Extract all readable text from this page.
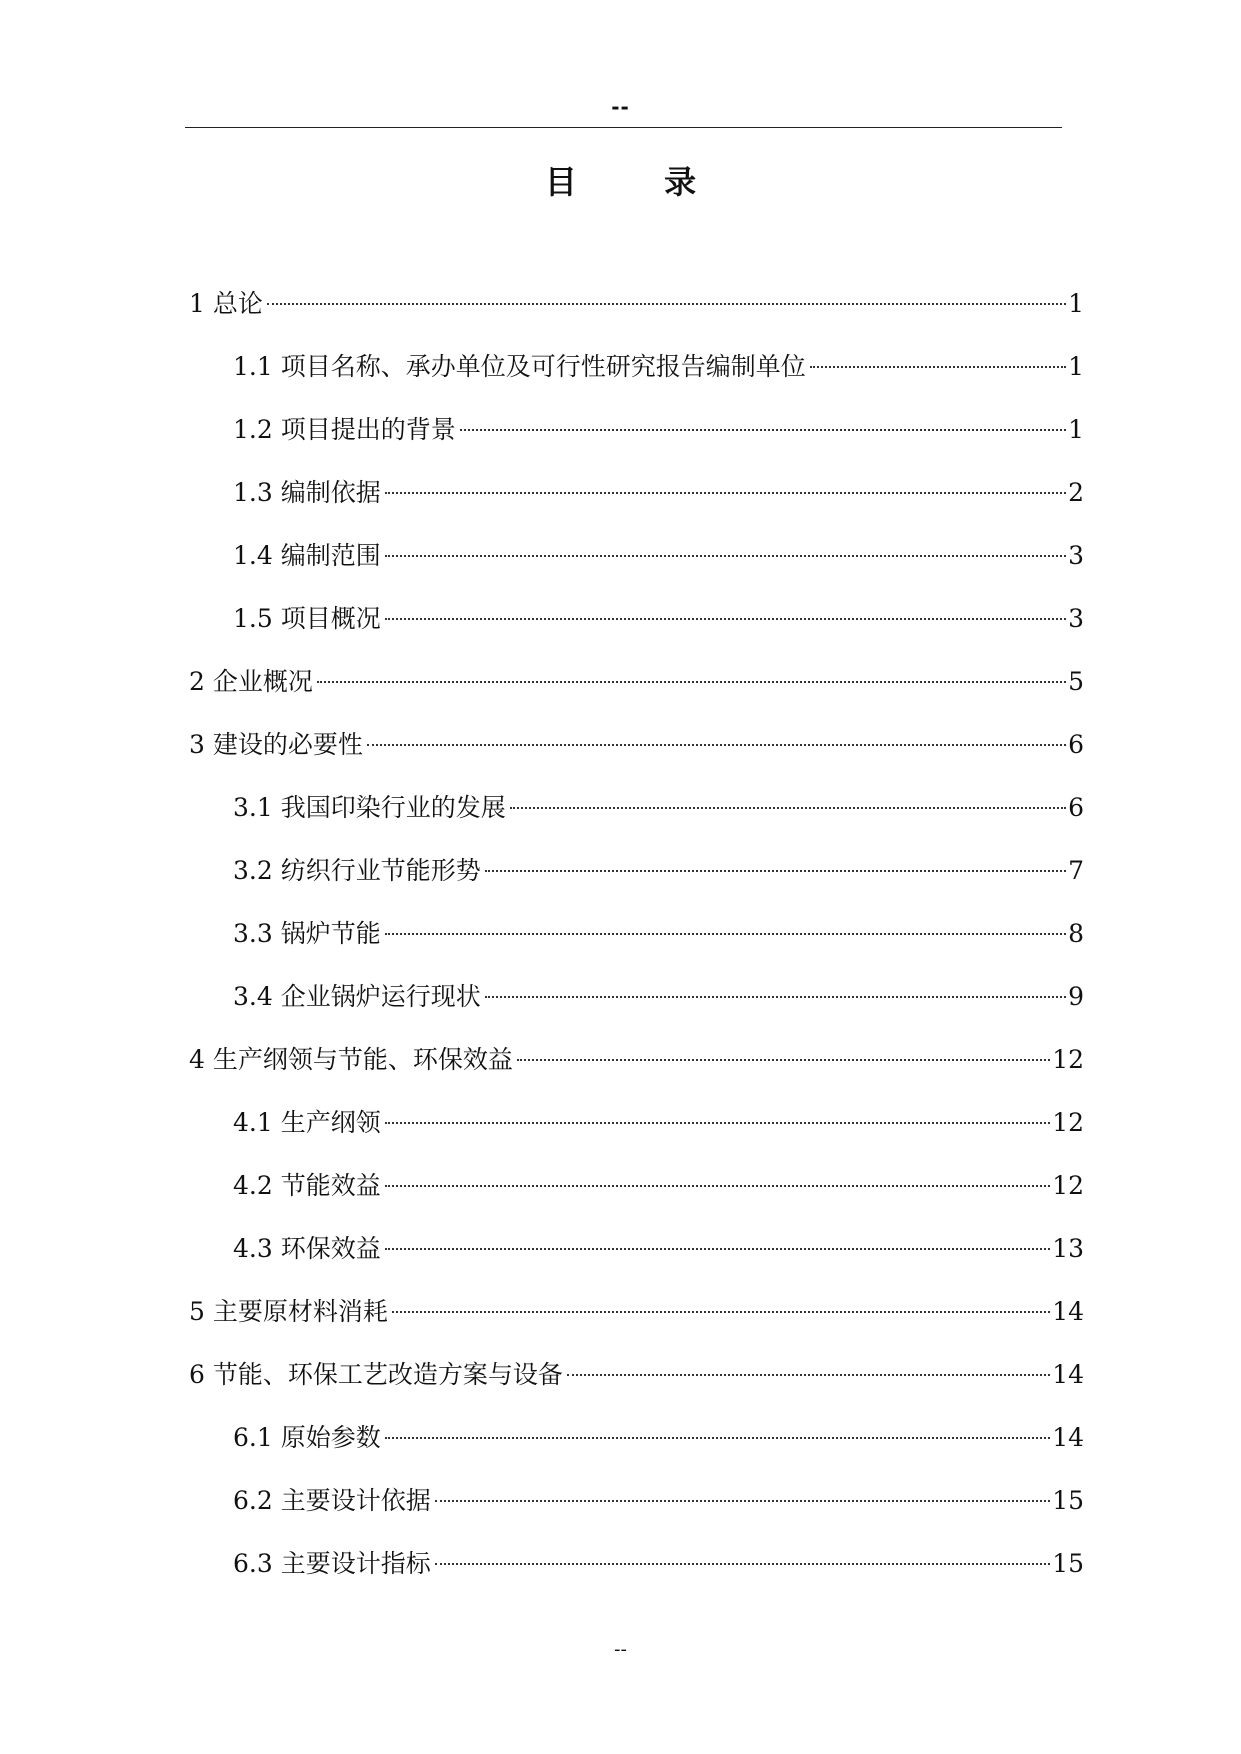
--
目 录
1 总论	1
1.1 项目名称、承办单位及可行性研究报告编制单位	1
1.2 项目提出的背景	1
1.3 编制依据	2
1.4 编制范围	3
1.5 项目概况	3
2 企业概况	5
3 建设的必要性	6
3.1 我国印染行业的发展	6
3.2 纺织行业节能形势	7
3.3 锅炉节能	8
3.4 企业锅炉运行现状	9
4 生产纲领与节能、环保效益	12
4.1 生产纲领	12
4.2 节能效益	12
4.3 环保效益	13
5 主要原材料消耗	14
6 节能、环保工艺改造方案与设备	14
6.1 原始参数	14
6.2 主要设计依据	15
6.3 主要设计指标	15
--
